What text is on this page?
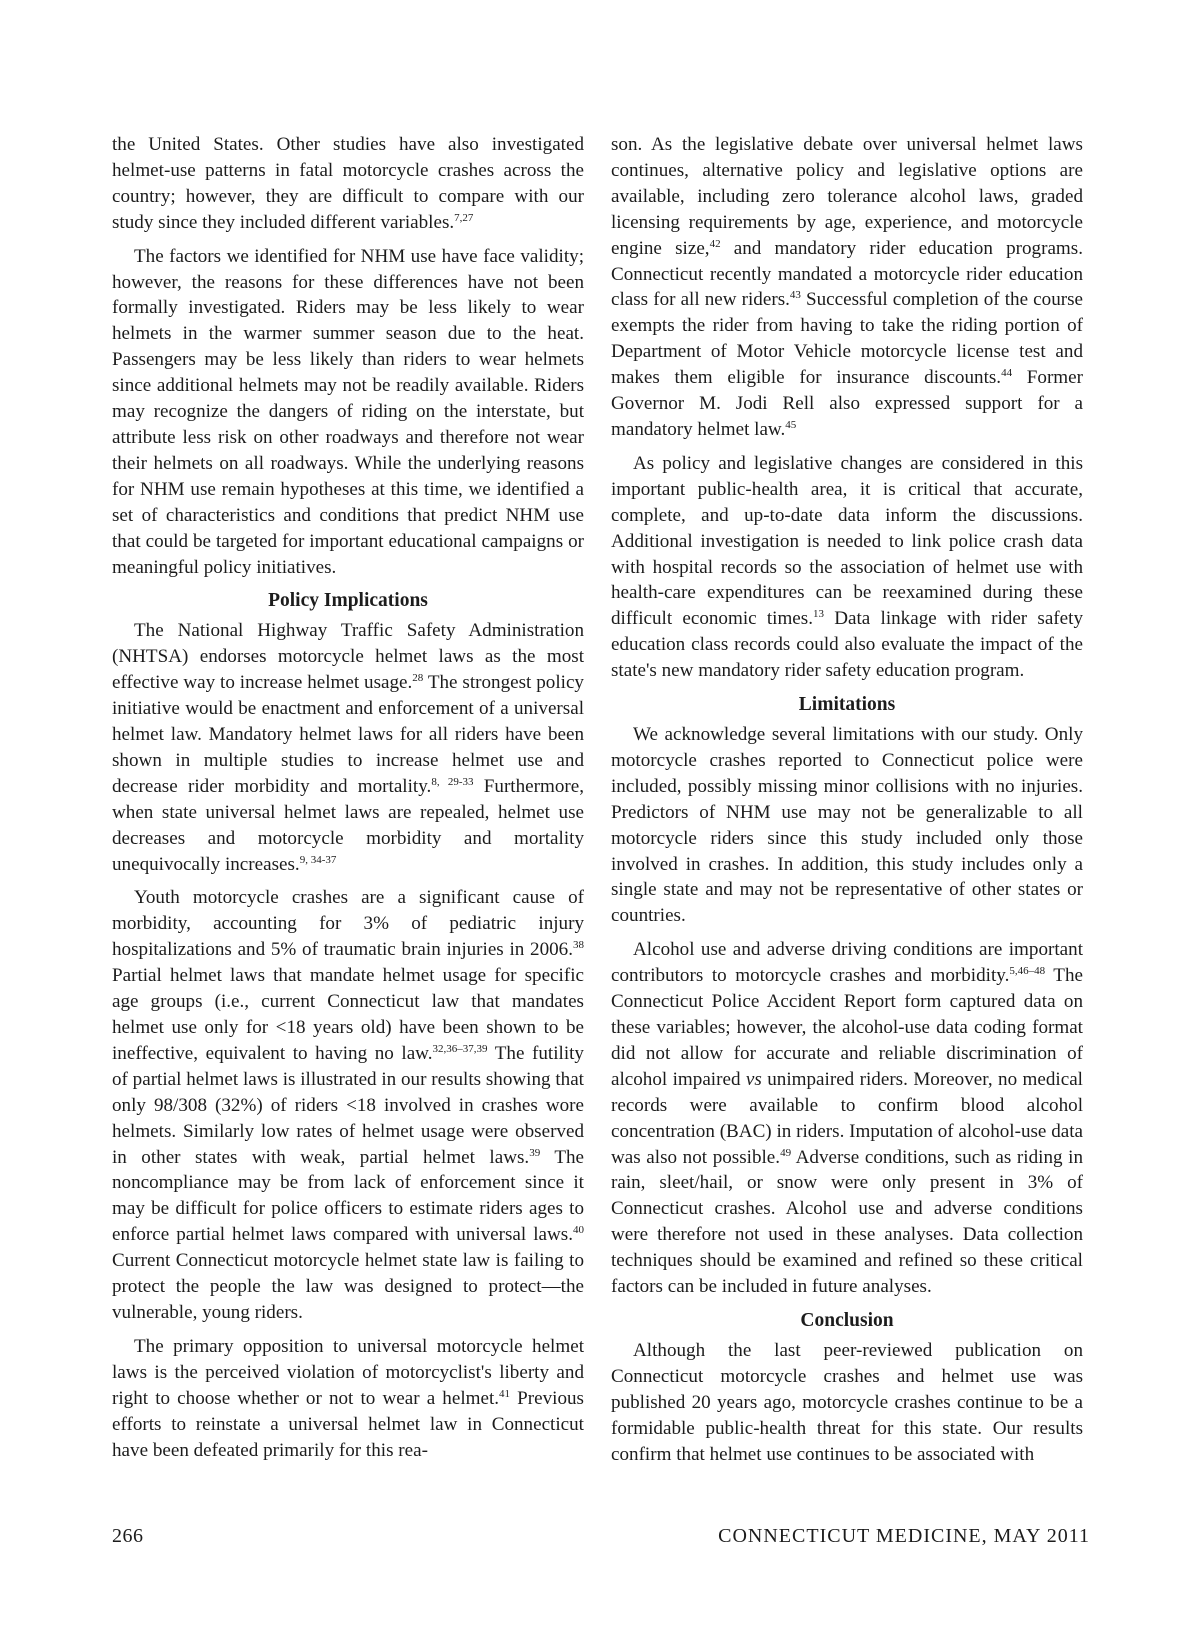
the United States. Other studies have also investigated helmet-use patterns in fatal motorcycle crashes across the country; however, they are difficult to compare with our study since they included different variables.$^{7,27}$

The factors we identified for NHM use have face validity; however, the reasons for these differences have not been formally investigated. Riders may be less likely to wear helmets in the warmer summer season due to the heat. Passengers may be less likely than riders to wear helmets since additional helmets may not be readily available. Riders may recognize the dangers of riding on the interstate, but attribute less risk on other roadways and therefore not wear their helmets on all roadways. While the underlying reasons for NHM use remain hypotheses at this time, we identified a set of characteristics and conditions that predict NHM use that could be targeted for important educational campaigns or meaningful policy initiatives.

Policy Implications

The National Highway Traffic Safety Administration (NHTSA) endorses motorcycle helmet laws as the most effective way to increase helmet usage.$^{28}$ The strongest policy initiative would be enactment and enforcement of a universal helmet law. Mandatory helmet laws for all riders have been shown in multiple studies to increase helmet use and decrease rider morbidity and mortality.$^{8, 29-33}$ Furthermore, when state universal helmet laws are repealed, helmet use decreases and motorcycle morbidity and mortality unequivocally increases.$^{9, 34-37}$

Youth motorcycle crashes are a significant cause of morbidity, accounting for 3% of pediatric injury hospitalizations and 5% of traumatic brain injuries in 2006.38 Partial helmet laws that mandate helmet usage for specific age groups (i.e., current Connecticut law that mandates helmet use only for <18 years old) have been shown to be ineffective, equivalent to having no law.$^{32,36-37,39}$ The futility of partial helmet laws is illustrated in our results showing that only 98/308 (32%) of riders <18 involved in crashes wore helmets. Similarly low rates of helmet usage were observed in other states with weak, partial helmet laws.$^{39}$ The noncompliance may be from lack of enforcement since it may be difficult for police officers to estimate riders ages to enforce partial helmet laws compared with universal laws.$^{40}$ Current Connecticut motorcycle helmet state law is failing to protect the people the law was designed to protect—the vulnerable, young riders.

The primary opposition to universal motorcycle helmet laws is the perceived violation of motorcyclist's liberty and right to choose whether or not to wear a helmet.$^{41}$ Previous efforts to reinstate a universal helmet law in Connecticut have been defeated primarily for this rea-

son. As the legislative debate over universal helmet laws continues, alternative policy and legislative options are available, including zero tolerance alcohol laws, graded licensing requirements by age, experience, and motorcycle engine size,$^{42}$ and mandatory rider education programs. Connecticut recently mandated a motorcycle rider education class for all new riders.$^{43}$ Successful completion of the course exempts the rider from having to take the riding portion of Department of Motor Vehicle motorcycle license test and makes them eligible for insurance discounts.$^{44}$ Former Governor M. Jodi Rell also expressed support for a mandatory helmet law.$^{45}$

As policy and legislative changes are considered in this important public-health area, it is critical that accurate, complete, and up-to-date data inform the discussions. Additional investigation is needed to link police crash data with hospital records so the association of helmet use with health-care expenditures can be reexamined during these difficult economic times.$^{13}$ Data linkage with rider safety education class records could also evaluate the impact of the state's new mandatory rider safety education program.

Limitations

We acknowledge several limitations with our study. Only motorcycle crashes reported to Connecticut police were included, possibly missing minor collisions with no injuries. Predictors of NHM use may not be generalizable to all motorcycle riders since this study included only those involved in crashes. In addition, this study includes only a single state and may not be representative of other states or countries.

Alcohol use and adverse driving conditions are important contributors to motorcycle crashes and morbidity.$^{5,46-48}$ The Connecticut Police Accident Report form captured data on these variables; however, the alcohol-use data coding format did not allow for accurate and reliable discrimination of alcohol impaired vs unimpaired riders. Moreover, no medical records were available to confirm blood alcohol concentration (BAC) in riders. Imputation of alcohol-use data was also not possible.$^{49}$ Adverse conditions, such as riding in rain, sleet/hail, or snow were only present in 3% of Connecticut crashes. Alcohol use and adverse conditions were therefore not used in these analyses. Data collection techniques should be examined and refined so these critical factors can be included in future analyses.

Conclusion

Although the last peer-reviewed publication on Connecticut motorcycle crashes and helmet use was published 20 years ago, motorcycle crashes continue to be a formidable public-health threat for this state. Our results confirm that helmet use continues to be associated with

266	CONNECTICUT MEDICINE, MAY 2011
